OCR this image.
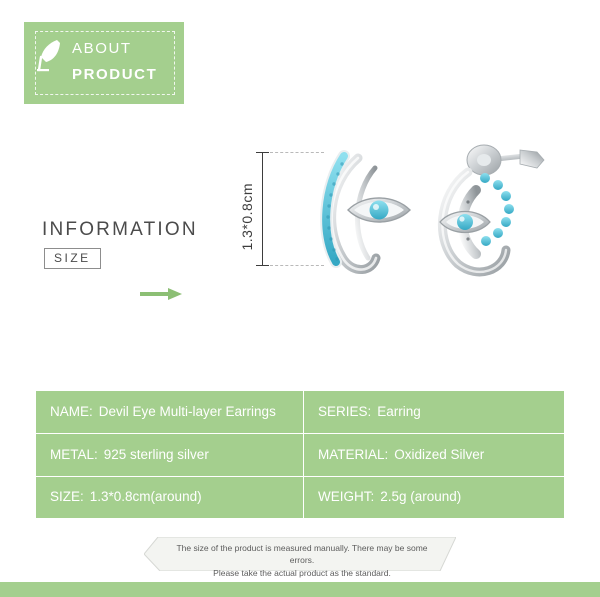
ABOUT
PRODUCT
INFORMATION
SIZE
1.3*0.8cm
NAME: Devil Eye Multi-layer Earrings	SERIES: Earring
METAL: 925 sterling silver	MATERIAL: Oxidized Silver
SIZE: 1.3*0.8cm(around)	WEIGHT: 2.5g (around)
The size of the product is measured manually. There may be some errors.
Please take the actual product as the standard.
